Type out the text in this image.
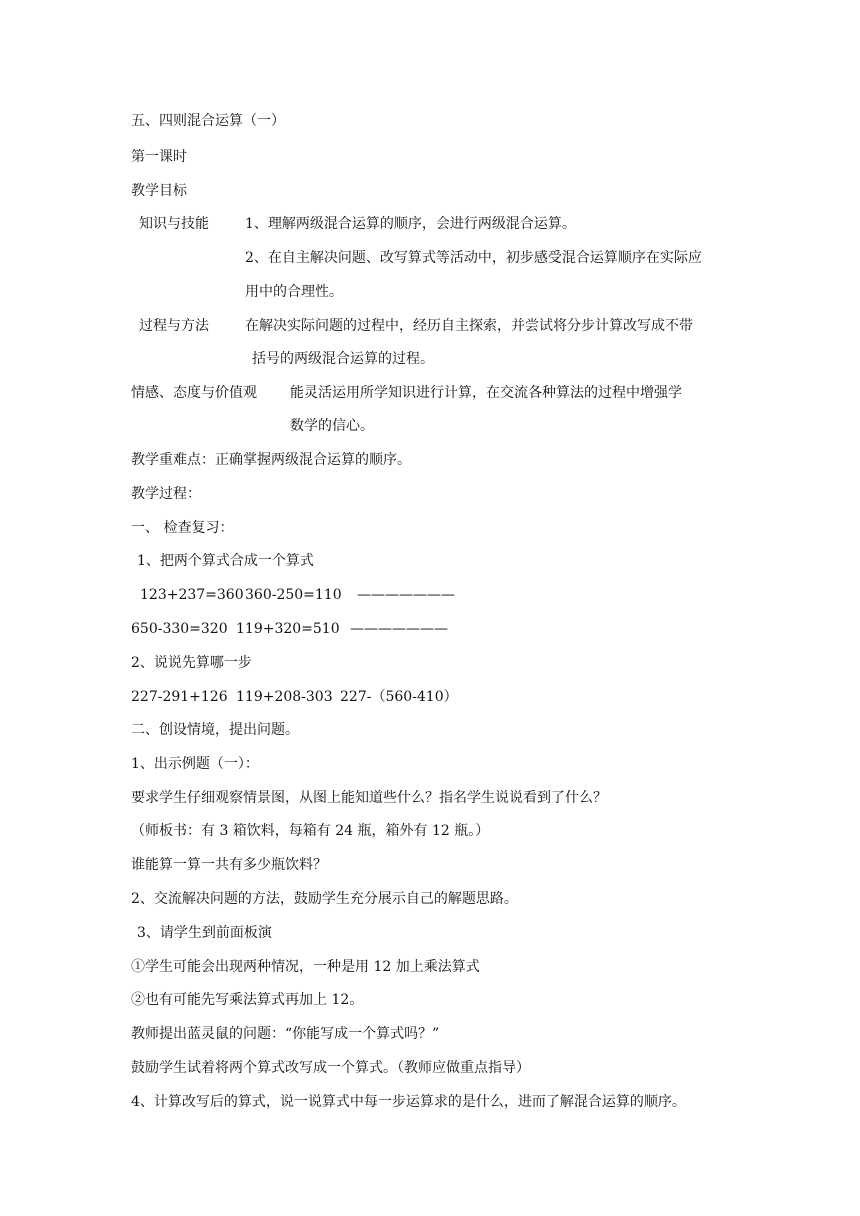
五、四则混合运算（一）
第一课时
教学目标
知识与技能	1、理解两级混合运算的顺序，会进行两级混合运算。
2、在自主解决问题、改写算式等活动中，初步感受混合运算顺序在实际应
用中的合理性。
过程与方法	在解决实际问题的过程中，经历自主探索，并尝试将分步计算改写成不带
括号的两级混合运算的过程。
情感、态度与价值观 能灵活运用所学知识进行计算，在交流各种算法的过程中增强学
数学的信心。
教学重难点：正确掌握两级混合运算的顺序。
教学过程：
一、 检查复习：
1、把两个算式合成一个算式
123+237=360 360-250=110 ———————
650-330=320 119+320=510 ———————
2、说说先算哪一步
227-291+126 119+208-303 227-（560-410）
二、创设情境，提出问题。
1、出示例题（一）：
要求学生仔细观察情景图，从图上能知道些什么？指名学生说说看到了什么？
（师板书：有 3 箱饮料，每箱有 24 瓶，箱外有 12 瓶。）
谁能算一算一共有多少瓶饮料？
2、交流解决问题的方法，鼓励学生充分展示自己的解题思路。
3、请学生到前面板演
①学生可能会出现两种情况，一种是用 12 加上乘法算式
②也有可能先写乘法算式再加上 12。
教师提出蓝灵鼠的问题：“你能写成一个算式吗？”
鼓励学生试着将两个算式改写成一个算式。（教师应做重点指导）
4、计算改写后的算式，说一说算式中每一步运算求的是什么，进而了解混合运算的顺序。
